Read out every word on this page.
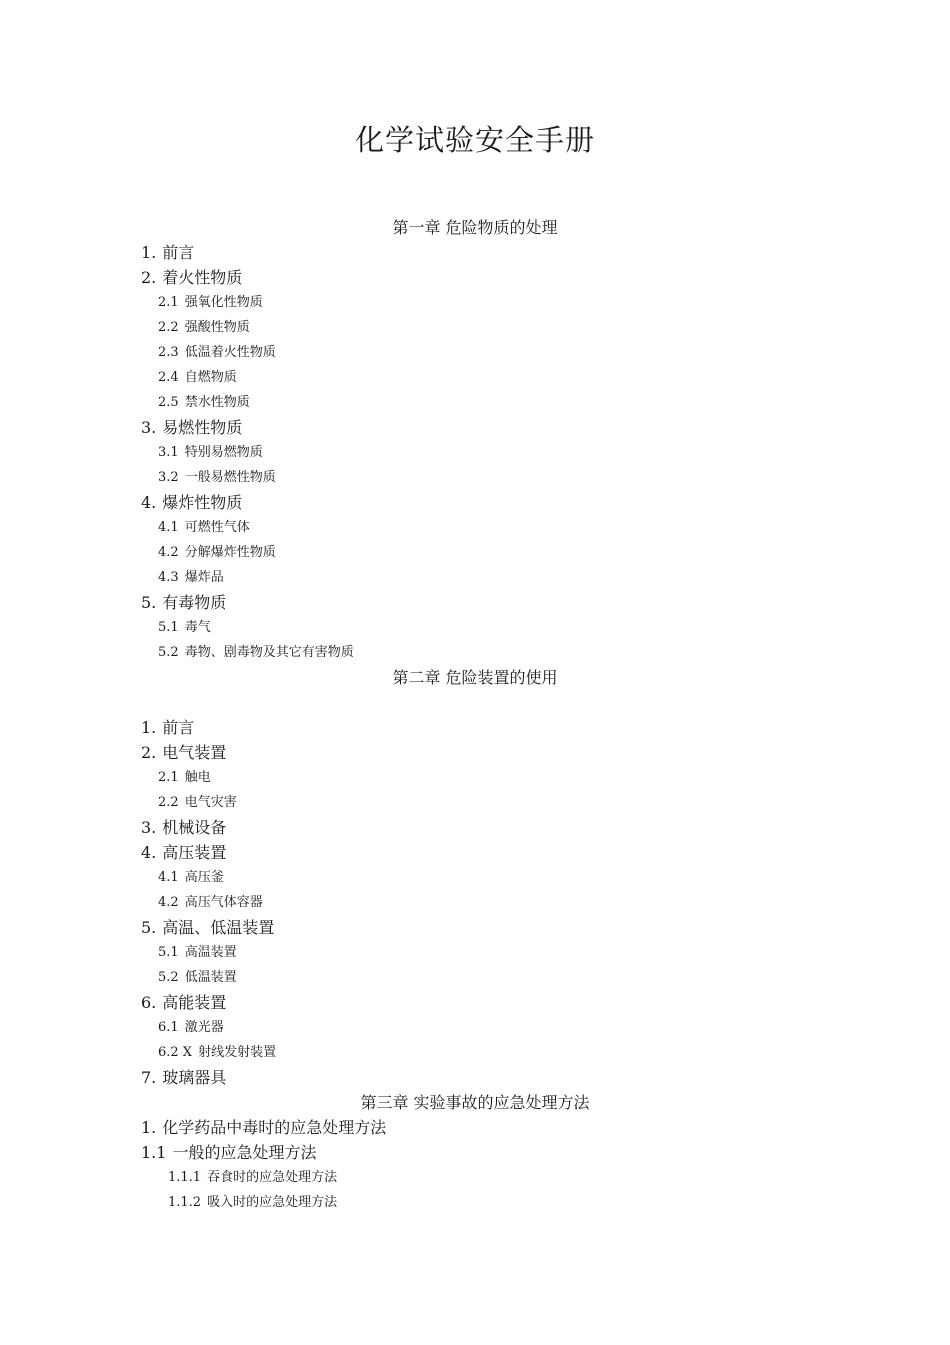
化学试验安全手册
第一章 危险物质的处理
1. 前言
2. 着火性物质
2.1 强氧化性物质
2.2 强酸性物质
2.3 低温着火性物质
2.4 自燃物质
2.5 禁水性物质
3. 易燃性物质
3.1 特别易燃物质
3.2 一般易燃性物质
4. 爆炸性物质
4.1 可燃性气体
4.2 分解爆炸性物质
4.3 爆炸品
5. 有毒物质
5.1 毒气
5.2 毒物、剧毒物及其它有害物质
第二章 危险装置的使用
1. 前言
2. 电气装置
2.1 触电
2.2 电气灾害
3. 机械设备
4. 高压装置
4.1 高压釜
4.2 高压气体容器
5. 高温、低温装置
5.1 高温装置
5.2 低温装置
6. 高能装置
6.1 激光器
6.2 X 射线发射装置
7. 玻璃器具
第三章 实验事故的应急处理方法
1. 化学药品中毒时的应急处理方法
1.1 一般的应急处理方法
1.1.1 吞食时的应急处理方法
1.1.2 吸入时的应急处理方法
